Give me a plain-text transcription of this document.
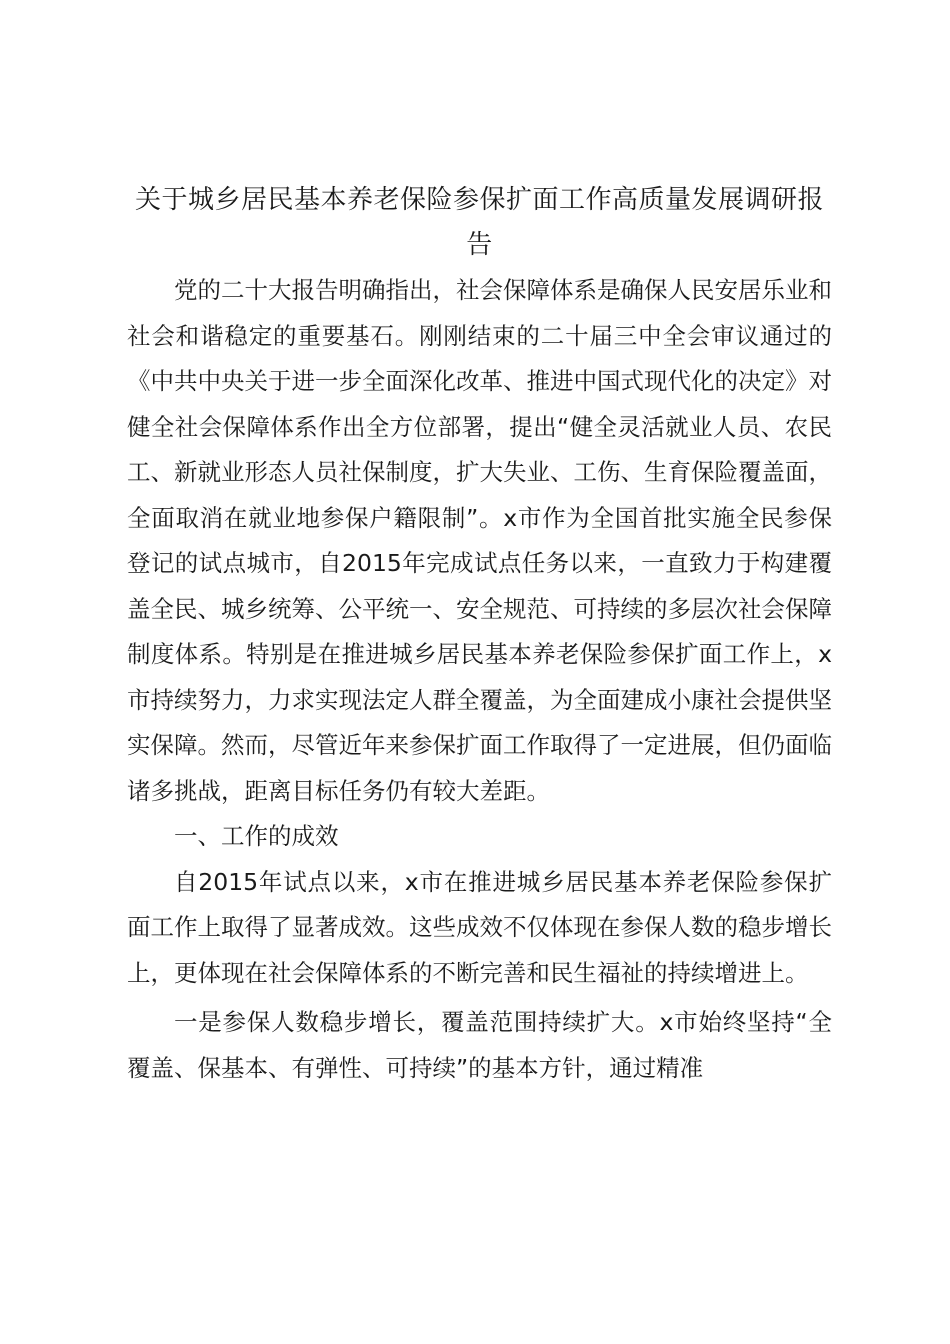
关于城乡居民基本养老保险参保扩面工作高质量发展调研报告

党的二十大报告明确指出，社会保障体系是确保人民安居乐业和社会和谐稳定的重要基石。刚刚结束的二十届三中全会审议通过的《中共中央关于进一步全面深化改革、推进中国式现代化的决定》对健全社会保障体系作出全方位部署，提出“健全灵活就业人员、农民工、新就业形态人员社保制度，扩大失业、工伤、生育保险覆盖面，全面取消在就业地参保户籍限制”。x市作为全国首批实施全民参保登记的试点城市，自2015年完成试点任务以来，一直致力于构建覆盖全民、城乡统筹、公平统一、安全规范、可持续的多层次社会保障制度体系。特别是在推进城乡居民基本养老保险参保扩面工作上，x市持续努力，力求实现法定人群全覆盖，为全面建成小康社会提供坚实保障。然而，尽管近年来参保扩面工作取得了一定进展，但仍面临诸多挑战，距离目标任务仍有较大差距。

一、工作的成效

自2015年试点以来，x市在推进城乡居民基本养老保险参保扩面工作上取得了显著成效。这些成效不仅体现在参保人数的稳步增长上，更体现在社会保障体系的不断完善和民生福祉的持续增进上。

一是参保人数稳步增长，覆盖范围持续扩大。x市始终坚持“全覆盖、保基本、有弹性、可持续”的基本方针，通过精准
